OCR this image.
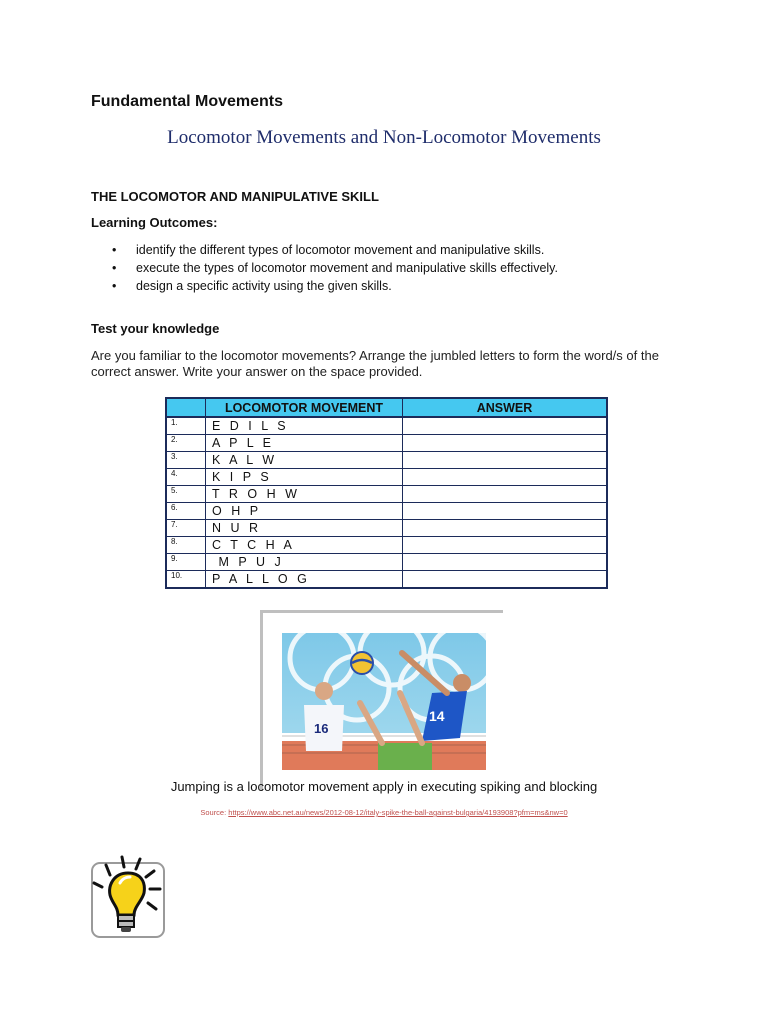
Fundamental Movements
Locomotor Movements and Non-Locomotor Movements
THE LOCOMOTOR AND MANIPULATIVE SKILL
Learning Outcomes:
• identify the different types of locomotor movement and manipulative skills.
• execute the types of locomotor movement and manipulative skills effectively.
• design a specific activity using the given skills.
Test your knowledge
Are you familiar to the locomotor movements? Arrange the jumbled letters to form the word/s of the correct answer. Write your answer on the space provided.
	LOCOMOTOR MOVEMENT	ANSWER
1.	E D I L S	
2.	A P L E	
3.	K A L W	
4.	K I P S	
5.	T R O H W	
6.	O H P	
7.	N U R	
8.	C T C H A	
9.	M P U J	
10.	P A L L O G	
14
16
Jumping is a locomotor movement apply in executing spiking and blocking
Source: https://www.abc.net.au/news/2012-08-12/italy-spike-the-ball-against-bulgaria/4193908?pfm=ms&nw=0
